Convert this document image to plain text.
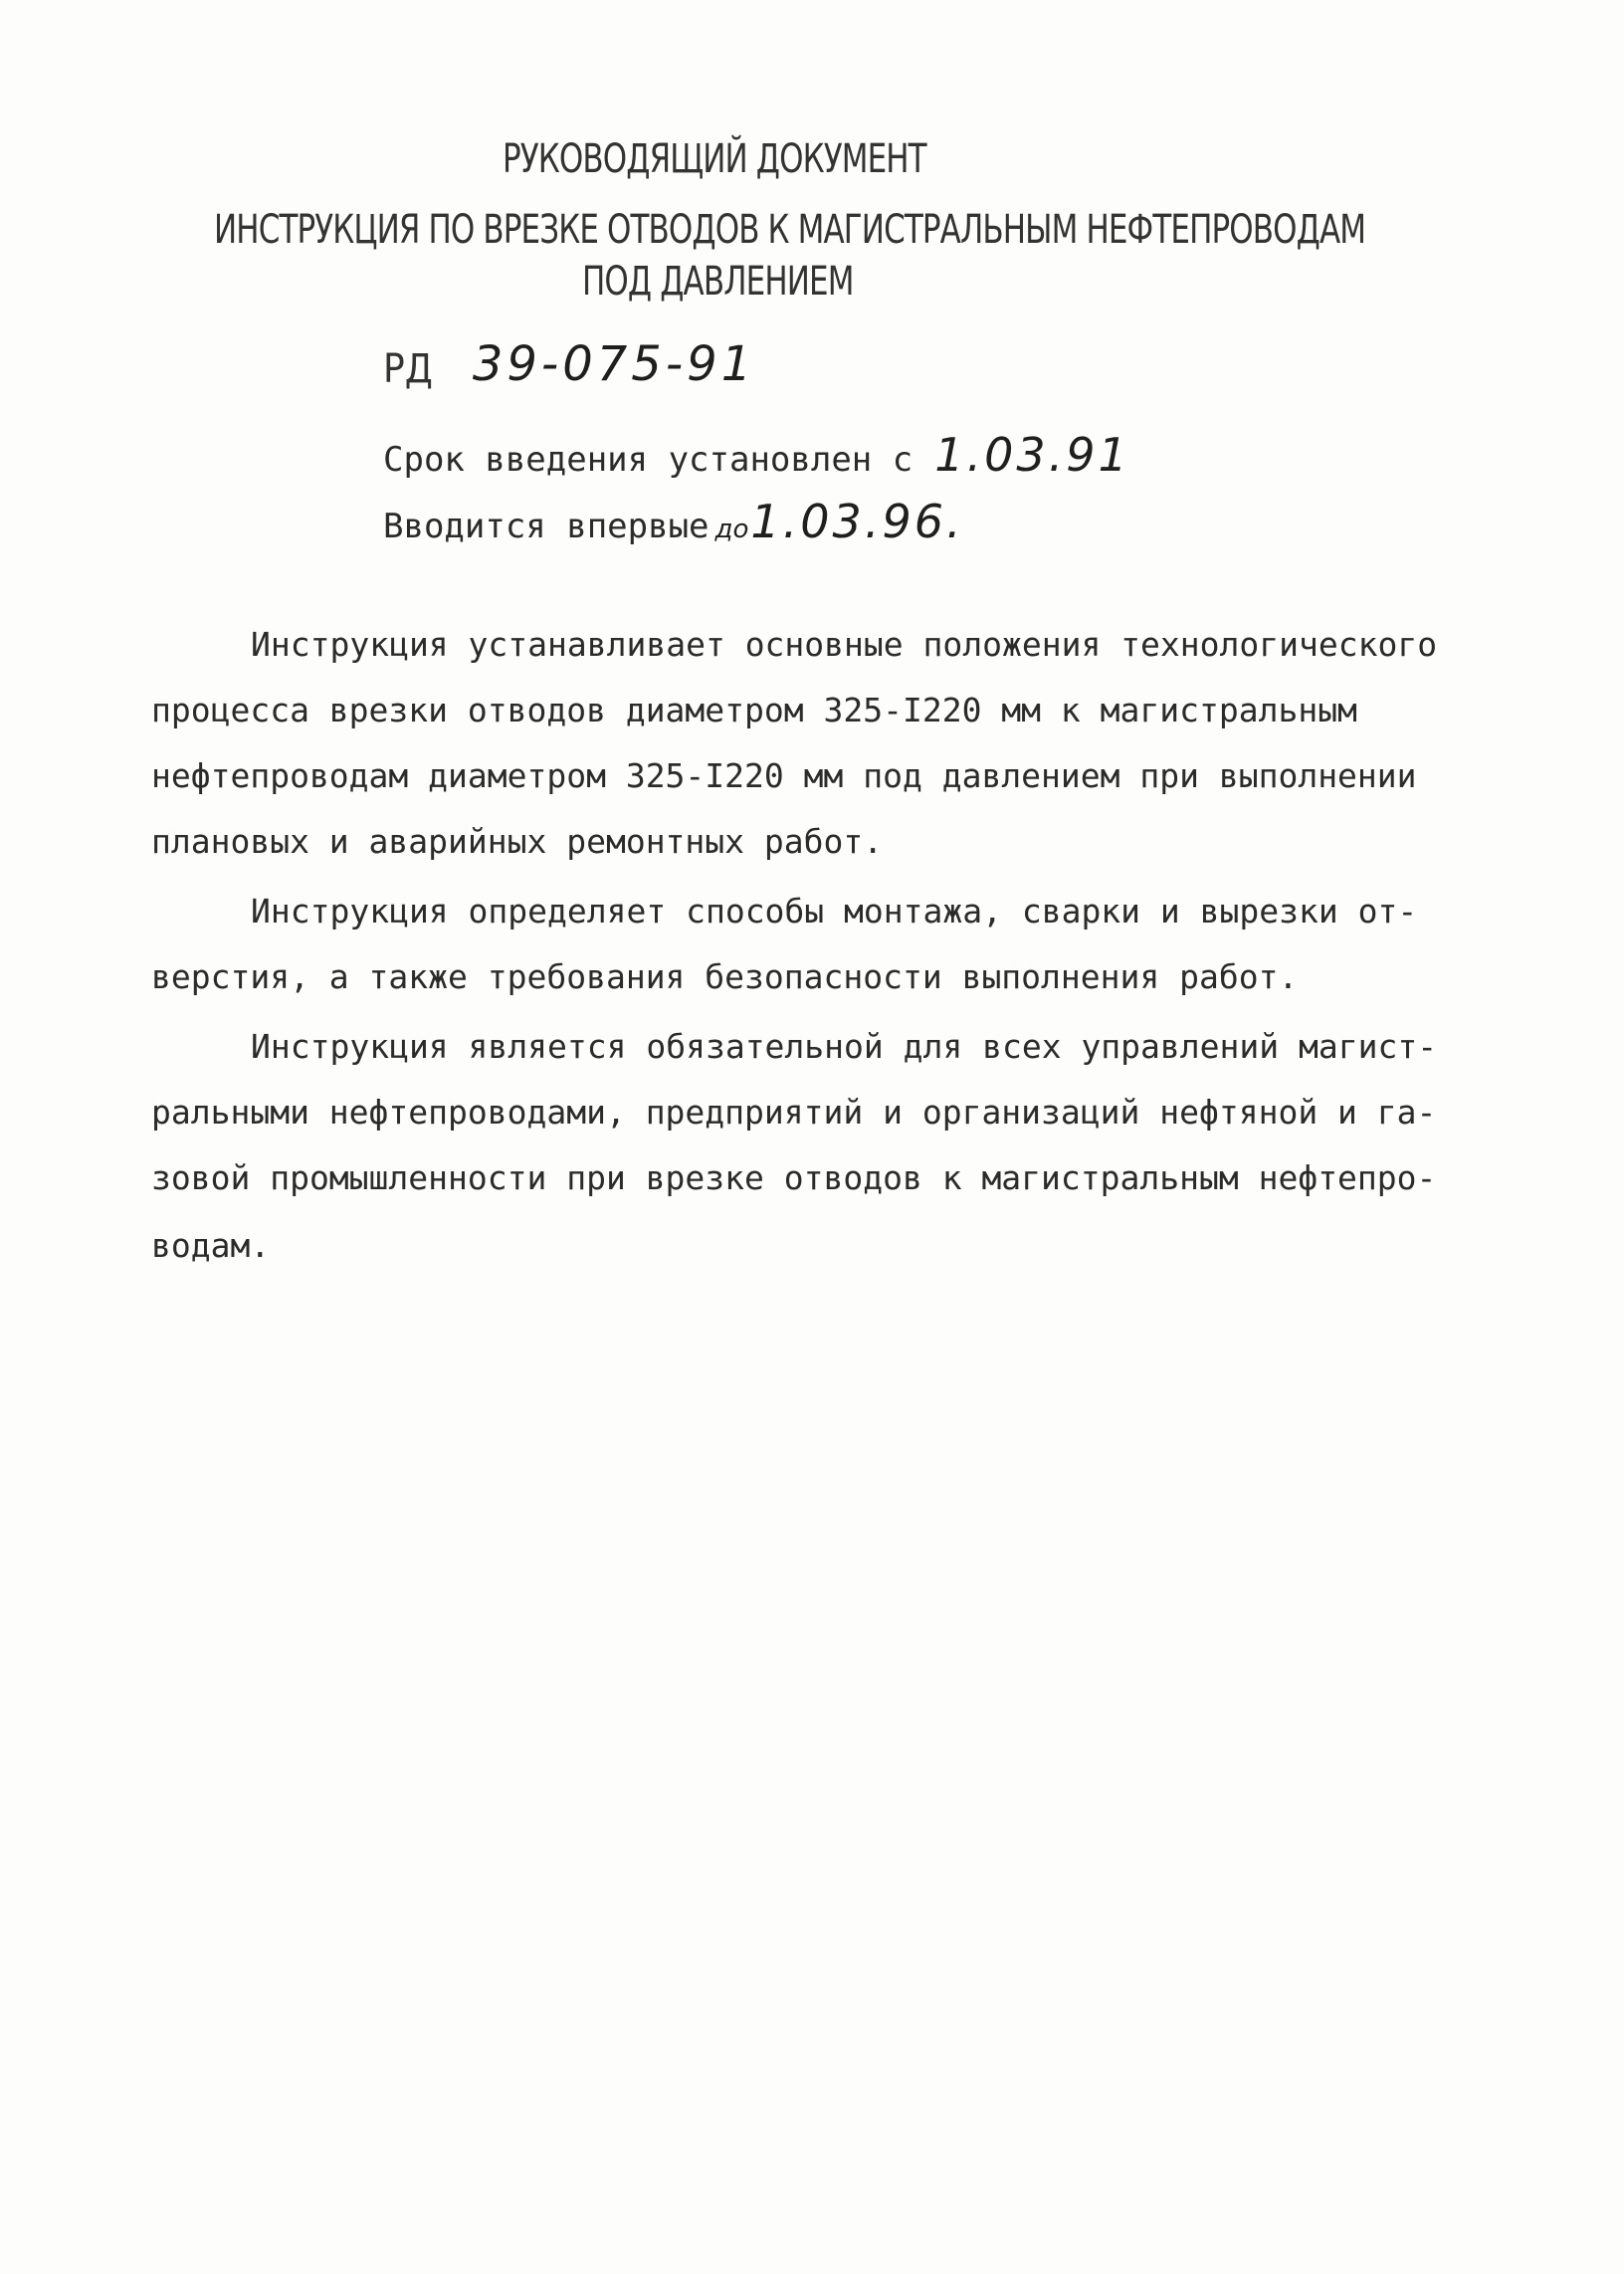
РУКОВОДЯЩИЙ ДОКУМЕНТ
ИНСТРУКЦИЯ ПО ВРЕЗКЕ ОТВОДОВ К МАГИСТРАЛЬНЫМ НЕФТЕПРОВОДАМ
ПОД ДАВЛЕНИЕМ
РД 39-075-91
Срок введения установлен с 1.03.91
Вводится впервые до1.03.96.
Инструкция устанавливает основные положения технологического
процесса врезки отводов диаметром 325-I220 мм к магистральным
нефтепроводам диаметром 325-I220 мм под давлением при выполнении
плановых и аварийных ремонтных работ.
Инструкция определяет способы монтажа, сварки и вырезки от-
верстия, а также требования безопасности выполнения работ.
Инструкция является обязательной для всех управлений магист-
ральными нефтепроводами, предприятий и организаций нефтяной и га-
зовой промышленности при врезке отводов к магистральным нефтепро-
водам.
